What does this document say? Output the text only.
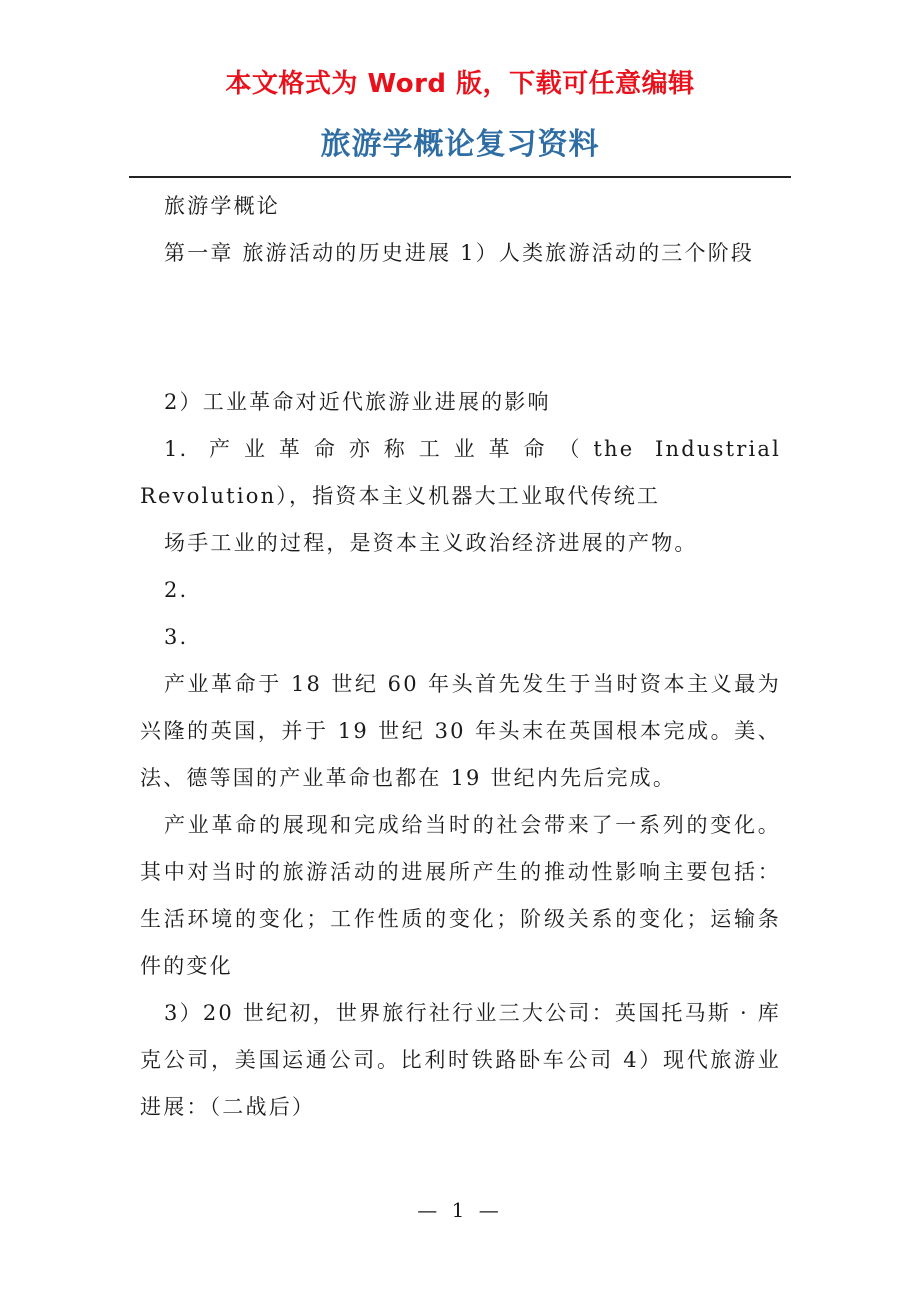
本文格式为 Word 版，下载可任意编辑
旅游学概论复习资料

旅游学概论

第一章 旅游活动的历史进展 1）人类旅游活动的三个阶段

2）工业革命对近代旅游业进展的影响

1. 产业革命亦称工业革命（the Industrial Revolution），指资本主义机器大工业取代传统工

场手工业的过程，是资本主义政治经济进展的产物。

2.

3.

产业革命于 18 世纪 60 年头首先发生于当时资本主义最为兴隆的英国，并于 19 世纪 30 年头末在英国根本完成。美、法、德等国的产业革命也都在 19 世纪内先后完成。

产业革命的展现和完成给当时的社会带来了一系列的变化。其中对当时的旅游活动的进展所产生的推动性影响主要包括：生活环境的变化；工作性质的变化；阶级关系的变化；运输条件的变化

3）20 世纪初，世界旅行社行业三大公司：英国托马斯 · 库克公司，美国运通公司。比利时铁路卧车公司 4）现代旅游业进展：（二战后）

— 1 —
